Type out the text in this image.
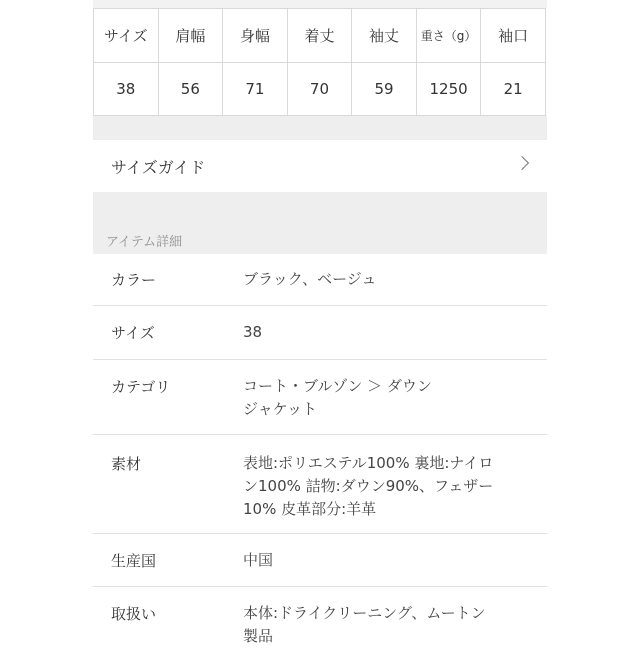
サイズ	肩幅	身幅	着丈	袖丈	重さ（g）	袖口
38	56	71	70	59	1250	21
サイズガイド
アイテム詳細
カラー	ブラック、ベージュ
サイズ	38
カテゴリ	コート・ブルゾン ＞ ダウン
ジャケット
素材	表地:ポリエステル100% 裏地:ナイロ
ン100% 詰物:ダウン90%、フェザー
10% 皮革部分:羊革
生産国	中国
取扱い	本体:ドライクリーニング、ムートン
製品
